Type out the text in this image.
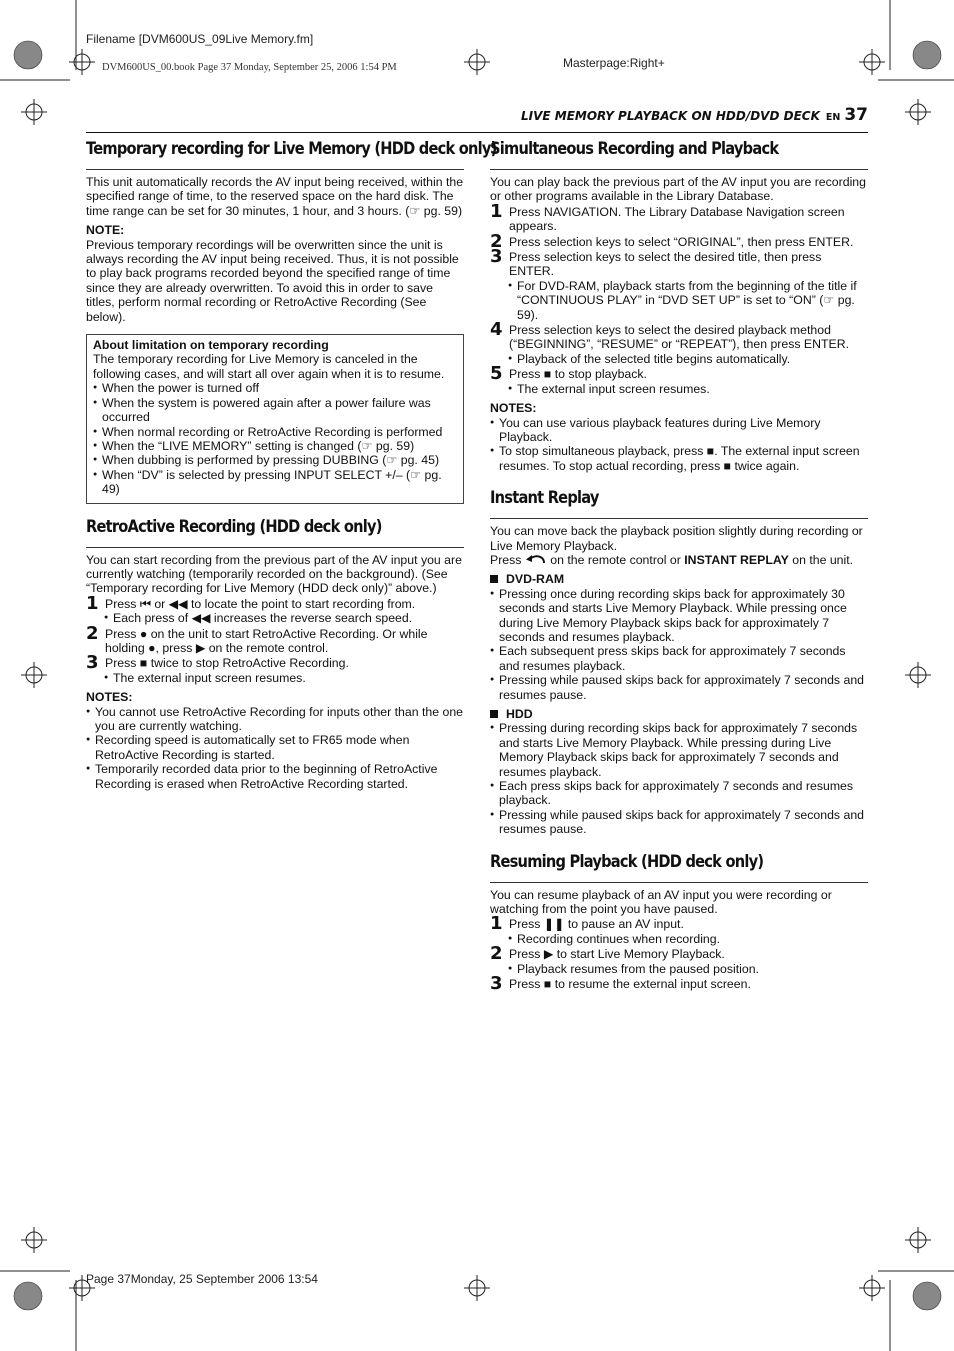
Filename [DVM600US_09Live Memory.fm]
DVM600US_00.book Page 37 Monday, September 25, 2006 1:54 PM	Masterpage:Right+
Page 37Monday, 25 September 2006 13:54
LIVE MEMORY PLAYBACK ON HDD/DVD DECK EN 37
Temporary recording for Live Memory (HDD deck only)

This unit automatically records the AV input being received, within the specified range of time, to the reserved space on the hard disk. The time range can be set for 30 minutes, 1 hour, and 3 hours. (☞ pg. 59)

NOTE:

Previous temporary recordings will be overwritten since the unit is always recording the AV input being received. Thus, it is not possible to play back programs recorded beyond the specified range of time since they are already overwritten. To avoid this in order to save titles, perform normal recording or RetroActive Recording (See below).

About limitation on temporary recording

The temporary recording for Live Memory is canceled in the following cases, and will start all over again when it is to resume.

● When the power is turned off
● When the system is powered again after a power failure was occurred
● When normal recording or RetroActive Recording is performed
● When the “LIVE MEMORY” setting is changed (☞ pg. 59)
● When dubbing is performed by pressing DUBBING (☞ pg. 45)
● When “DV” is selected by pressing INPUT SELECT +/– (☞ pg. 49)
RetroActive Recording (HDD deck only)

You can start recording from the previous part of the AV input you are currently watching (temporarily recorded on the background). (See “Temporary recording for Live Memory (HDD deck only)” above.)

1 Press ⏮ or ◀◀ to locate the point to start recording from.
● Each press of ◀◀ increases the reverse search speed.
2 Press ● on the unit to start RetroActive Recording. Or while holding ●, press ▶ on the remote control.
3 Press ■ twice to stop RetroActive Recording.
● The external input screen resumes.

NOTES:

● You cannot use RetroActive Recording for inputs other than the one you are currently watching.
● Recording speed is automatically set to FR65 mode when RetroActive Recording is started.
● Temporarily recorded data prior to the beginning of RetroActive Recording is erased when RetroActive Recording started.
Simultaneous Recording and Playback

You can play back the previous part of the AV input you are recording or other programs available in the Library Database.

1 Press NAVIGATION. The Library Database Navigation screen appears.
2 Press selection keys to select “ORIGINAL”, then press ENTER.
3 Press selection keys to select the desired title, then press ENTER.
● For DVD-RAM, playback starts from the beginning of the title if “CONTINUOUS PLAY” in “DVD SET UP” is set to “ON” (☞ pg. 59).
4 Press selection keys to select the desired playback method (“BEGINNING”, “RESUME” or “REPEAT”), then press ENTER.
● Playback of the selected title begins automatically.
5 Press ■ to stop playback.
● The external input screen resumes.

NOTES:

● You can use various playback features during Live Memory Playback.
● To stop simultaneous playback, press ■. The external input screen resumes. To stop actual recording, press ■ twice again.
Instant Replay

You can move back the playback position slightly during recording or Live Memory Playback.

Press on the remote control or INSTANT REPLAY on the unit.

DVD-RAM

● Pressing once during recording skips back for approximately 30 seconds and starts Live Memory Playback. While pressing once during Live Memory Playback skips back for approximately 7 seconds and resumes playback.
● Each subsequent press skips back for approximately 7 seconds and resumes playback.
● Pressing while paused skips back for approximately 7 seconds and resumes pause.

HDD

● Pressing during recording skips back for approximately 7 seconds and starts Live Memory Playback. While pressing during Live Memory Playback skips back for approximately 7 seconds and resumes playback.
● Each press skips back for approximately 7 seconds and resumes playback.
● Pressing while paused skips back for approximately 7 seconds and resumes pause.
Resuming Playback (HDD deck only)

You can resume playback of an AV input you were recording or watching from the point you have paused.

1 Press ❚❚ to pause an AV input.
● Recording continues when recording.
2 Press ▶ to start Live Memory Playback.
● Playback resumes from the paused position.
3 Press ■ to resume the external input screen.
